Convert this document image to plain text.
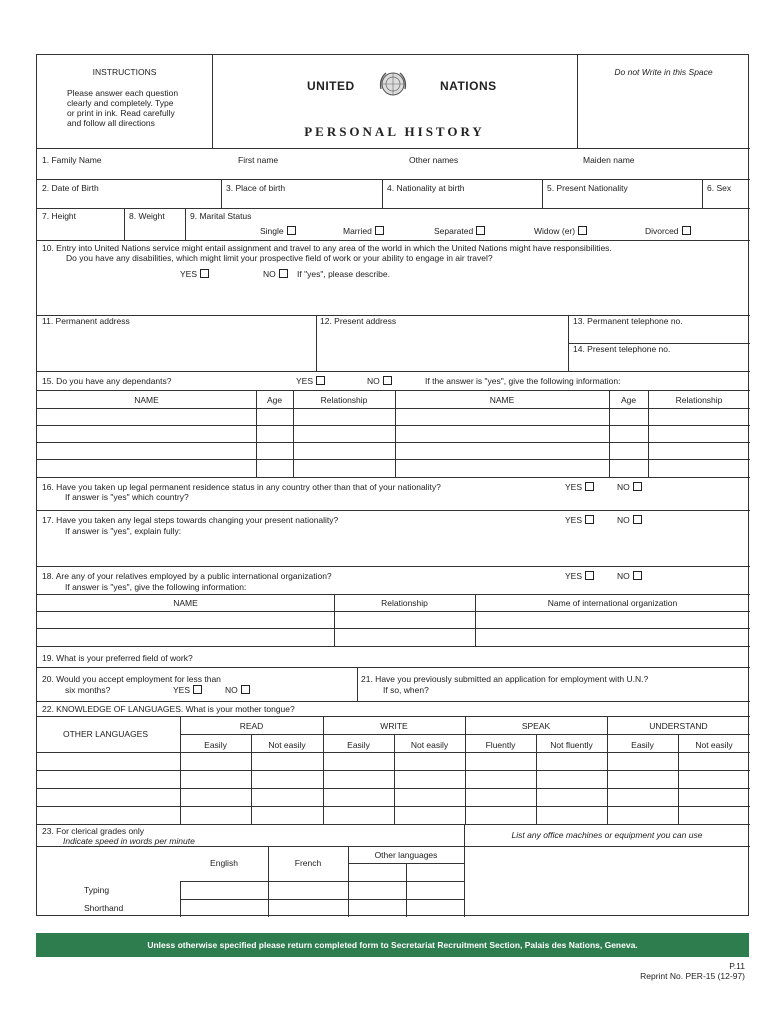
INSTRUCTIONS
Please answer each question
clearly and completely. Type
or print in ink. Read carefully
and follow all directions
UNITED	NATIONS
PERSONAL HISTORY
Do not Write in this Space
1. Family Name	First name	Other names	Maiden name
2. Date of Birth	3. Place of birth	4. Nationality at birth	5. Present Nationality	6. Sex
7. Height	8. Weight	9. Marital Status
Single	Married	Separated	Widow (er)	Divorced
10. Entry into United Nations service might entail assignment and travel to any area of the world in which the United Nations might have responsibilities.
Do you have any disabilities, which might limit your prospective field of work or your ability to engage in air travel?
YES	NO	If "yes", please describe.
11. Permanent address	12. Present address	13. Permanent telephone no.
14. Present telephone no.
15. Do you have any dependants?	YES	NO	If the answer is "yes", give the following information:
NAME	Age	Relationship	NAME	Age	Relationship
16. Have you taken up legal permanent residence status in any country other than that of your nationality?
If answer is "yes" which country?
YES	NO
17. Have you taken any legal steps towards changing your present nationality?
If answer is "yes", explain fully:
YES	NO
18. Are any of your relatives employed by a public international organization?
If answer is "yes", give the following information:
YES	NO
NAME	Relationship	Name of international organization
19. What is your preferred field of work?
20. Would you accept employment for less than
six months?	YES	NO
21. Have you previously submitted an application for employment with U.N.?
If so, when?
22. KNOWLEDGE OF LANGUAGES. What is your mother tongue?
OTHER LANGUAGES
READ	WRITE	SPEAK	UNDERSTAND
Easily	Not easily	Easily	Not easily	Fluently	Not fluently	Easily	Not easily
23. For clerical grades only
Indicate speed in words per minute
List any office machines or equipment you can use
English	French
Other languages
Typing
Shorthand
Unless otherwise specified please return completed form to Secretariat Recruitment Section, Palais des Nations, Geneva.
P.11
Reprint No. PER-15 (12-97)
